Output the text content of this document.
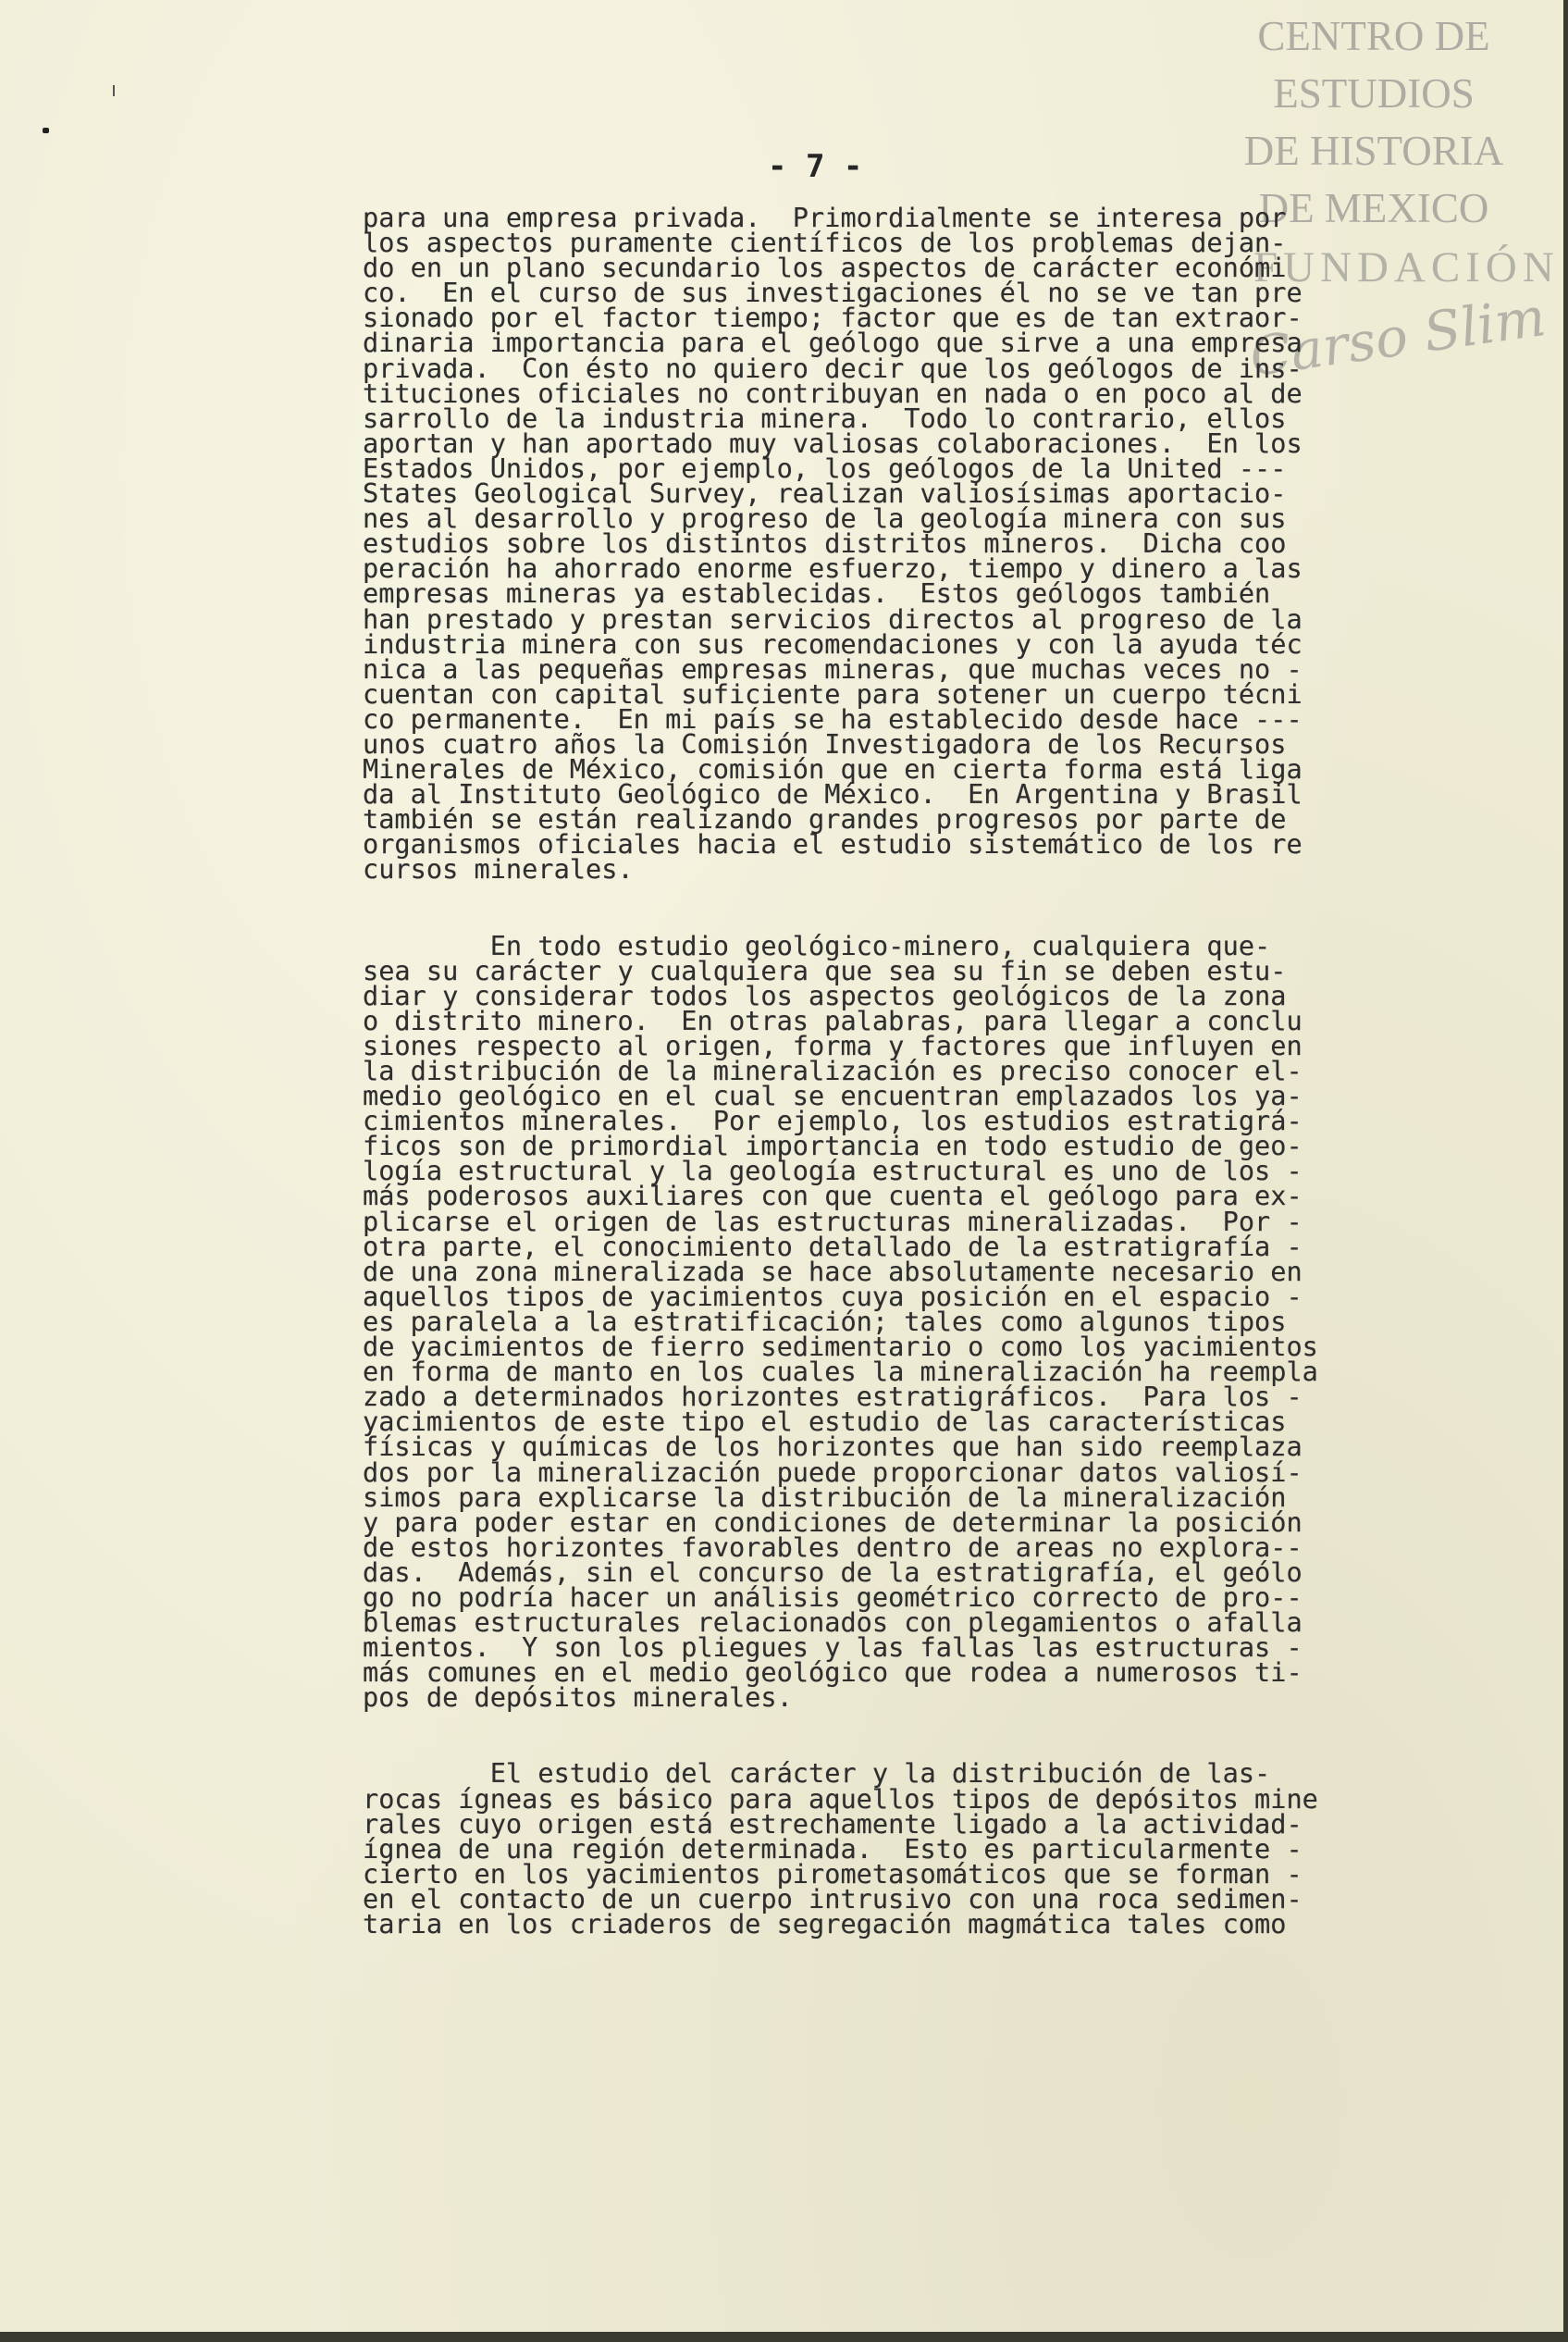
CENTRO DE
ESTUDIOS
DE HISTORIA
DE MEXICO
FUNDACIÓN
Carso Slim
- 7 -
para una empresa privada.  Primordialmente se interesa por
los aspectos puramente científicos de los problemas dejan-
do en un plano secundario los aspectos de carácter económi
co.  En el curso de sus investigaciones él no se ve tan pre
sionado por el factor tiempo; factor que es de tan extraor-
dinaria importancia para el geólogo que sirve a una empresa
privada.  Con ésto no quiero decir que los geólogos de ins-
tituciones oficiales no contribuyan en nada o en poco al de
sarrollo de la industria minera.  Todo lo contrario, ellos
aportan y han aportado muy valiosas colaboraciones.  En los
Estados Unidos, por ejemplo, los geólogos de la United ---
States Geological Survey, realizan valiosísimas aportacio-
nes al desarrollo y progreso de la geología minera con sus
estudios sobre los distintos distritos mineros.  Dicha coo
peración ha ahorrado enorme esfuerzo, tiempo y dinero a las
empresas mineras ya establecidas.  Estos geólogos también
han prestado y prestan servicios directos al progreso de la
industria minera con sus recomendaciones y con la ayuda téc
nica a las pequeñas empresas mineras, que muchas veces no -
cuentan con capital suficiente para sotener un cuerpo técni
co permanente.  En mi país se ha establecido desde hace ---
unos cuatro años la Comisión Investigadora de los Recursos
Minerales de México, comisión que en cierta forma está liga
da al Instituto Geológico de México.  En Argentina y Brasil
también se están realizando grandes progresos por parte de
organismos oficiales hacia el estudio sistemático de los re
cursos minerales.
En todo estudio geológico-minero, cualquiera que-
sea su carácter y cualquiera que sea su fin se deben estu-
diar y considerar todos los aspectos geológicos de la zona
o distrito minero.  En otras palabras, para llegar a conclu
siones respecto al origen, forma y factores que influyen en
la distribución de la mineralización es preciso conocer el-
medio geológico en el cual se encuentran emplazados los ya-
cimientos minerales.  Por ejemplo, los estudios estratigrá-
ficos son de primordial importancia en todo estudio de geo-
logía estructural y la geología estructural es uno de los -
más poderosos auxiliares con que cuenta el geólogo para ex-
plicarse el origen de las estructuras mineralizadas.  Por -
otra parte, el conocimiento detallado de la estratigrafía -
de una zona mineralizada se hace absolutamente necesario en
aquellos tipos de yacimientos cuya posición en el espacio -
es paralela a la estratificación; tales como algunos tipos
de yacimientos de fierro sedimentario o como los yacimientos
en forma de manto en los cuales la mineralización ha reempla
zado a determinados horizontes estratigráficos.  Para los -
yacimientos de este tipo el estudio de las características
físicas y químicas de los horizontes que han sido reemplaza
dos por la mineralización puede proporcionar datos valiosí-
simos para explicarse la distribución de la mineralización
y para poder estar en condiciones de determinar la posición
de estos horizontes favorables dentro de areas no explora--
das.  Además, sin el concurso de la estratigrafía, el geólo
go no podría hacer un análisis geométrico correcto de pro--
blemas estructurales relacionados con plegamientos o afalla
mientos.  Y son los pliegues y las fallas las estructuras -
más comunes en el medio geológico que rodea a numerosos ti-
pos de depósitos minerales.
El estudio del carácter y la distribución de las-
rocas ígneas es básico para aquellos tipos de depósitos mine
rales cuyo origen está estrechamente ligado a la actividad-
ígnea de una región determinada.  Esto es particularmente -
cierto en los yacimientos pirometasomáticos que se forman -
en el contacto de un cuerpo intrusivo con una roca sedimen-
taria en los criaderos de segregación magmática tales como
